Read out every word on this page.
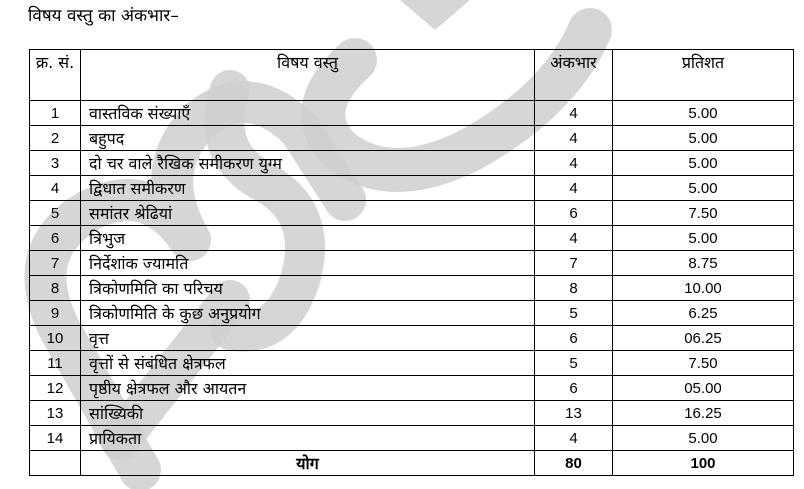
विषय वस्तु का अंकभार–
क्र. सं.	विषय वस्तु	अंकभार	प्रतिशत
1	वास्तविक संख्याएँ	4	5.00
2	बहुपद	4	5.00
3	दो चर वाले रैखिक समीकरण युग्म	4	5.00
4	द्विधात समीकरण	4	5.00
5	समांतर श्रेढियां	6	7.50
6	त्रिभुज	4	5.00
7	निर्देशांक ज्यामति	7	8.75
8	त्रिकोणमिति का परिचय	8	10.00
9	त्रिकोणमिति के कुछ अनुप्रयोग	5	6.25
10	वृत्त	6	06.25
11	वृत्तों से संबंधित क्षेत्रफल	5	7.50
12	पृष्ठीय क्षेत्रफल और आयतन	6	05.00
13	सांख्यिकी	13	16.25
14	प्रायिकता	4	5.00
	योग	80	100
